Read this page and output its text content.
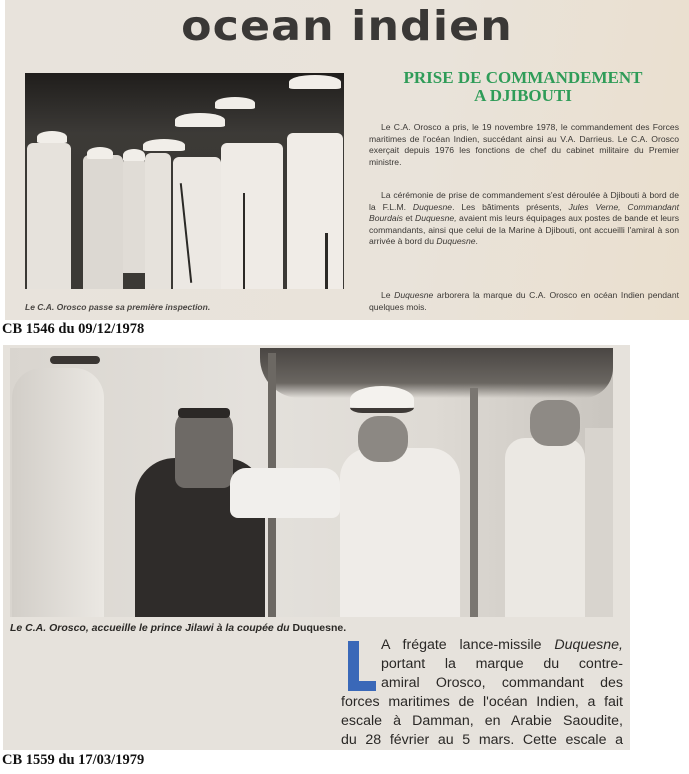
ocean indien
Le C.A. Orosco passe sa première inspection.
PRISE DE COMMANDEMENT
A DJIBOUTI
Le C.A. Orosco a pris, le 19 novembre 1978, le commandement des Forces maritimes de l'océan Indien, succédant ainsi au V.A. Darrieus. Le C.A. Orosco exerçait depuis 1976 les fonctions de chef du cabinet militaire du Premier ministre.
La cérémonie de prise de commandement s'est déroulée à Djibouti à bord de la F.L.M. Duquesne. Les bâtiments présents, Jules Verne, Commandant Bourdais et Duquesne, avaient mis leurs équipages aux postes de bande et leurs commandants, ainsi que celui de la Marine à Djibouti, ont accueilli l'amiral à son arrivée à bord du Duquesne.
Le Duquesne arborera la marque du C.A. Orosco en océan Indien pendant quelques mois.
CB 1546 du 09/12/1978
Le C.A. Orosco, accueille le prince Jilawi à la coupée du Duquesne.
L	A frégate lance-missile Duquesne,
portant la marque du contre-
amiral Orosco, commandant des
forces maritimes de l'océan Indien, a fait
escale à Damman, en Arabie Saoudite,
du 28 février au 5 mars. Cette escale a
CB 1559 du 17/03/1979
